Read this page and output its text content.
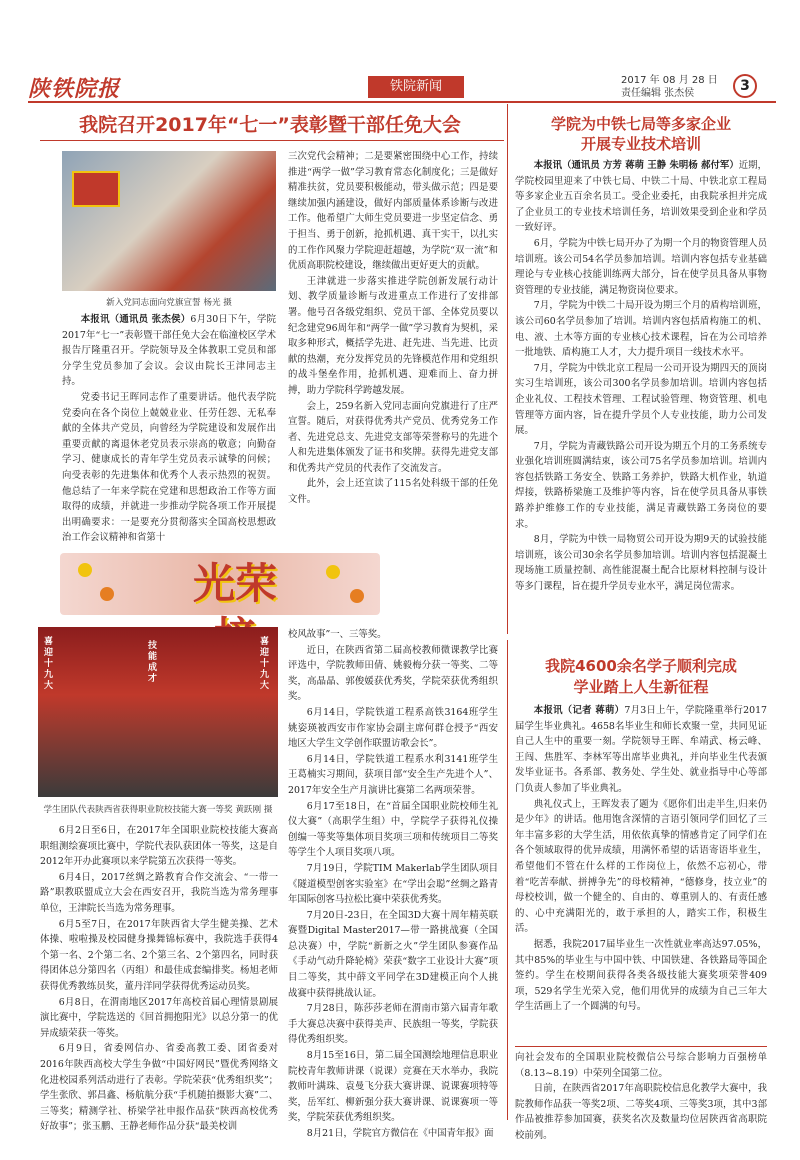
陕铁院报	铁院新闻	2017 年 08 月 28 日
责任编辑 张杰侯	3
我院召开2017年“七一”表彰暨干部任免大会
新入党同志面向党旗宣誓 杨光 摄

本报讯（通讯员 张杰侯）6月30日下午，学院2017年“七一”表彰暨干部任免大会在临潼校区学术报告厅隆重召开。学院领导及全体教职工党员和部分学生党员参加了会议。会议由院长王津同志主持。

党委书记王晖同志作了重要讲话。他代表学院党委向在各个岗位上兢兢业业、任劳任怨、无私奉献的全体共产党员，向曾经为学院建设和发展作出重要贡献的离退休老党员表示崇高的敬意；向勤奋学习、健康成长的青年学生党员表示诚挚的问候；向受表彰的先进集体和优秀个人表示热烈的祝贺。他总结了一年来学院在党建和思想政治工作等方面取得的成绩，并就进一步推动学院各项工作开展提出明确要求：一是要充分贯彻落实全国高校思想政治工作会议精神和省第十

三次党代会精神；二是要紧密围绕中心工作，持续推进“两学一做”学习教育常态化制度化；三是做好精准扶贫，党员要积极能动，带头做示范；四是要继续加强内涵建设，做好内部质量体系诊断与改进工作。他希望广大师生党员要进一步坚定信念、勇于担当、勇于创新，抢抓机遇、真干实干，以扎实的工作作风聚力学院迎赶超越，为学院“双一流”和优质高职院校建设，继续做出更好更大的贡献。

王津就进一步落实推进学院创新发展行动计划、教学质量诊断与改进重点工作进行了安排部署。他号召各级党组织、党员干部、全体党员要以纪念建党96周年和“两学一做”学习教育为契机，采取多种形式，概括学先进、赶先进、当先进、比贡献的热潮，充分发挥党员的先锋模范作用和党组织的战斗堡垒作用，抢抓机遇、迎难而上、奋力拼搏，助力学院科学跨越发展。

会上，259名新入党同志面向党旗进行了庄严宣誓。随后，对获得优秀共产党员、优秀党务工作者、先进党总支、先进党支部等荣誉称号的先进个人和先进集体颁发了证书和奖牌。获得先进党支部和优秀共产党员的代表作了交流发言。

此外，会上还宣读了115名处科级干部的任免文件。

光荣
喜迎十九大
技能成才
喜迎十九大
学生团队代表陕西省获得职业院校技能大赛一等奖 黄跃刚 摄

6月2日至6日，在2017年全国职业院校技能大赛高职组测绘赛项比赛中，学院代表队获团体一等奖，这是自2012年开办此赛项以来学院第五次获得一等奖。

6月4日，2017丝绸之路教育合作交流会、“一带一路”职教联盟成立大会在西安召开，我院当选为常务理事单位，王津院长当选为常务理事。

6月5至7日，在2017年陕西省大学生健美操、艺术体操、啦啦操及校园健身操舞锦标赛中，我院选手获得4个第一名、2个第二名、2个第三名、2个第四名，同时获得团体总分第四名（丙组）和最佳成套编排奖。杨旭老师获得优秀教练员奖，董丹洋同学获得优秀运动员奖。

6月8日，在渭南地区2017年高校首届心理情景剧展演比赛中，学院选送的《回首拥抱阳光》以总分第一的优异成绩荣获一等奖。

6月9日，省委网信办、省委高教工委、团省委对2016年陕西高校大学生争做“中国好网民”暨优秀网络文化进校园系列活动进行了表彰。学院荣获“优秀组织奖”；学生张欣、郭昌鑫、杨航航分获“手机随拍摄影大赛”二、三等奖；精测学社、桥梁学社申报作品获“陕西高校优秀好故事”；张玉鹏、王静老师作品分获“最美校训

校风故事”一、三等奖。

近日，在陕西省第二届高校教师微课教学比赛评选中，学院教师田倩、姚毅梅分获一等奖、二等奖，高晶晶、郭俊媛获优秀奖，学院荣获优秀组织奖。

6月14日，学院铁道工程系高铁3164班学生姚姿瑛被西安市作家协会副主席何群仓授予“西安地区大学生文学创作联盟访歌会长”。

6月14日，学院铁道工程系水利3141班学生王葛楠实习期间，获项目部“安全生产先进个人”、2017年安全生产月演讲比赛第二名两项荣誉。

6月17至18日，在“首届全国职业院校师生礼仪大赛”（高职学生组）中，学院学子获得礼仪操创编一等奖等集体项目奖项三项和传统项目二等奖等学生个人项目奖项八项。

7月19日，学院TIM Makerlab学生团队项目《隧道模型创客实验室》在“学出会聪”丝绸之路青年国际创客马拉松比赛中荣获优秀奖。

7月20日-23日，在全国3D大赛十周年精英联赛暨Digital Master2017—带一路挑战赛（全国总决赛）中，学院“新新之火”学生团队参赛作品《手动气动升降轮椅》荣获“数字工业设计大赛”项目二等奖，其中薛文平同学在3D建模正向个人挑战赛中获得挑战认证。

7月28日，陈莎莎老师在渭南市第六届青年歌手大赛总决赛中获得美声、民族组一等奖，学院获得优秀组织奖。

8月15至16日，第二届全国测绘地理信息职业院校青年教师讲课（说课）竞赛在天水举办，我院教师叶满珠、袁曼飞分获大赛讲课、说课赛项特等奖，岳军红、柳新强分获大赛讲课、说课赛项一等奖，学院荣获优秀组织奖。

8月21日，学院官方微信在《中国青年报》面

学院为中铁七局等多家企业
开展专业技术培训

本报讯（通讯员 方芳 蒋萌 王静 朱明杨 郝付军）近期，学院校园里迎来了中铁七局、中铁二十局、中铁北京工程局等多家企业五百余名员工。受企业委托，由我院承担并完成了企业员工的专业技术培训任务，培训效果受到企业和学员一致好评。

6月，学院为中铁七局开办了为期一个月的物资管理人员培训班。该公司54名学员参加培训。培训内容包括专业基础理论与专业核心技能训练两大部分，旨在使学员具备从事物资管理的专业技能，满足物资岗位要求。

7月，学院为中铁二十局开设为期三个月的盾构培训班，该公司60名学员参加了培训。培训内容包括盾构施工的机、电、液、土木等方面的专业核心技术课程，旨在为公司培养一批地铁、盾构施工人才，大力提升项目一线技术水平。

7月，学院为中铁北京工程局一公司开设为期四天的顶岗实习生培训班，该公司300名学员参加培训。培训内容包括企业礼仪、工程技术管理、工程试验管理、物资管理、机电管理等方面内容，旨在提升学员个人专业技能，助力公司发展。

7月，学院为青藏铁路公司开设为期五个月的工务系统专业强化培训班圆满结束，该公司75名学员参加培训。培训内容包括铁路工务安全、铁路工务养护，铁路大机作业，轨道焊接，铁路桥梁施工及维护等内容，旨在使学员具备从事铁路养护维修工作的专业技能，满足青藏铁路工务岗位的要求。

8月，学院为中铁一局物贸公司开设为期9天的试验技能培训班，该公司30余名学员参加培训。培训内容包括混凝土现场施工质量控制、高性能混凝土配合比原材料控制与设计等多门课程，旨在提升学员专业水平，满足岗位需求。

我院4600余名学子顺利完成
学业踏上人生新征程

本报讯（记者 蒋萌）7月3日上午，学院隆重举行2017届学生毕业典礼。4658名毕业生和师长欢聚一堂，共同见证自己人生中的重要一刻。学院领导王晖、牟靖武、杨云峰、王闯、焦胜军、李林军等出席毕业典礼，并向毕业生代表颁发毕业证书。各系部、教务处、学生处、就业指导中心等部门负责人参加了毕业典礼。

典礼仪式上，王晖发表了题为《愿你们出走半生,归来仍是少年》的讲话。他用饱含深情的言语引领同学们回忆了三年丰富多彩的大学生活，用依依真挚的情感肯定了同学们在各个领域取得的优异成绩，用满怀希望的话语寄语毕业生，希望他们不管在什么样的工作岗位上，依然不忘初心，带着“吃苦奉献、拼搏争先”的母校精神，“德修身，技立业”的母校校训，做一个健全的、自由的、尊重别人的、有责任感的、心中充满阳光的，敢于承担的人，踏实工作，积极生活。

据悉，我院2017届毕业生一次性就业率高达97.05%，其中85%的毕业生与中国中铁、中国铁建、各铁路局等国企签约。学生在校期间获得各类各级技能大赛奖项荣誉409项，529名学生光荣入党，他们用优异的成绩为自己三年大学生活画上了一个圆满的句号。

向社会发布的全国职业院校微信公号综合影响力百强榜单（8.13~8.19）中荣列全国第二位。

日前，在陕西省2017年高职院校信息化教学大赛中，我院教师作品获一等奖2项、二等奖4项、三等奖3项，其中3部作品被推荐参加国赛，获奖名次及数量均位居陕西省高职院校前列。
